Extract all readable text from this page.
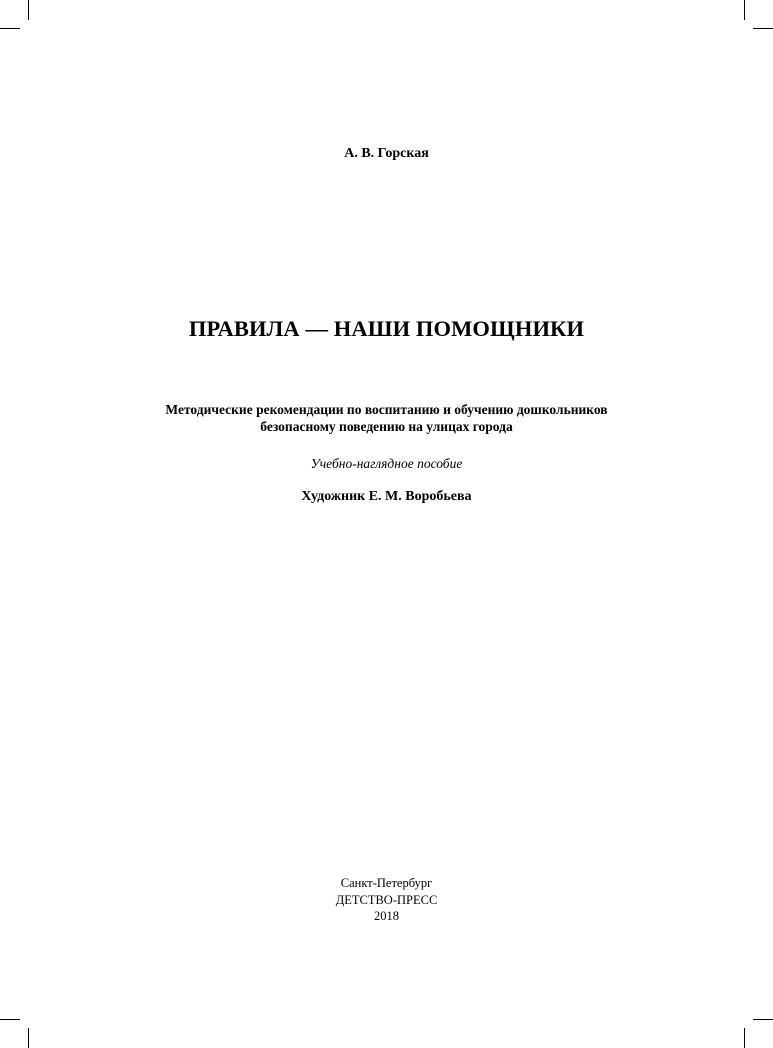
А. В. Горская
ПРАВИЛА — НАШИ ПОМОЩНИКИ
Методические рекомендации по воспитанию и обучению дошкольников
безопасному поведению на улицах города
Учебно-наглядное пособие
Художник Е. М. Воробьева
Санкт-Петербург
ДЕТСТВО-ПРЕСС
2018
